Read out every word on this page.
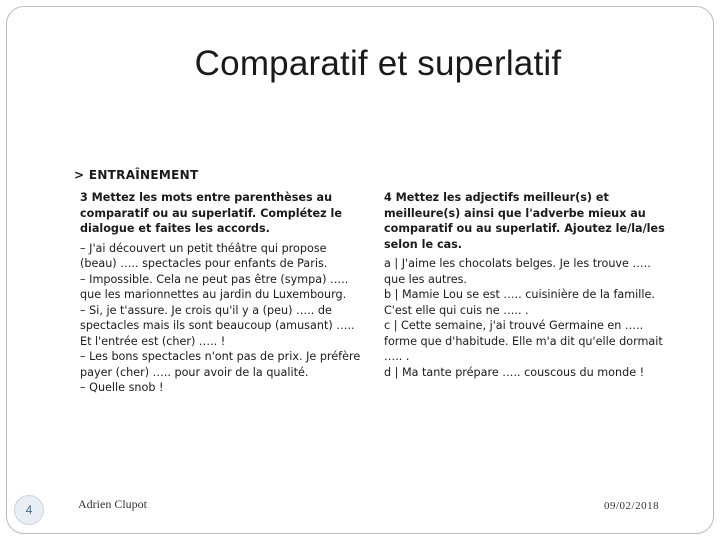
Comparatif et superlatif
> ENTRAÎNEMENT
3 Mettez les mots entre parenthèses au comparatif ou au superlatif. Complétez le dialogue et faites les accords.
– J'ai découvert un petit théâtre qui propose
(beau) ….. spectacles pour enfants de Paris.
– Impossible. Cela ne peut pas être (sympa) …..
que les marionnettes au jardin du Luxembourg.
– Si, je t'assure. Je crois qu'il y a (peu) ….. de
spectacles mais ils sont beaucoup (amusant) …..
Et l'entrée est (cher) ….. !
– Les bons spectacles n'ont pas de prix. Je préfère
payer (cher) ….. pour avoir de la qualité.
– Quelle snob !
4 Mettez les adjectifs meilleur(s) et meilleure(s) ainsi que l'adverbe mieux au comparatif ou au superlatif. Ajoutez le/la/les selon le cas.
a | J'aime les chocolats belges. Je les trouve …..
que les autres.
b | Mamie Lou se est ….. cuisinière de la famille.
C'est elle qui cuis ne ….. .
c | Cette semaine, j'ai trouvé Germaine en …..
forme que d'habitude. Elle m'a dit qu'elle dormait
….. .
d | Ma tante prépare ….. couscous du monde !
4	Adrien Clupot	09/02/2018
